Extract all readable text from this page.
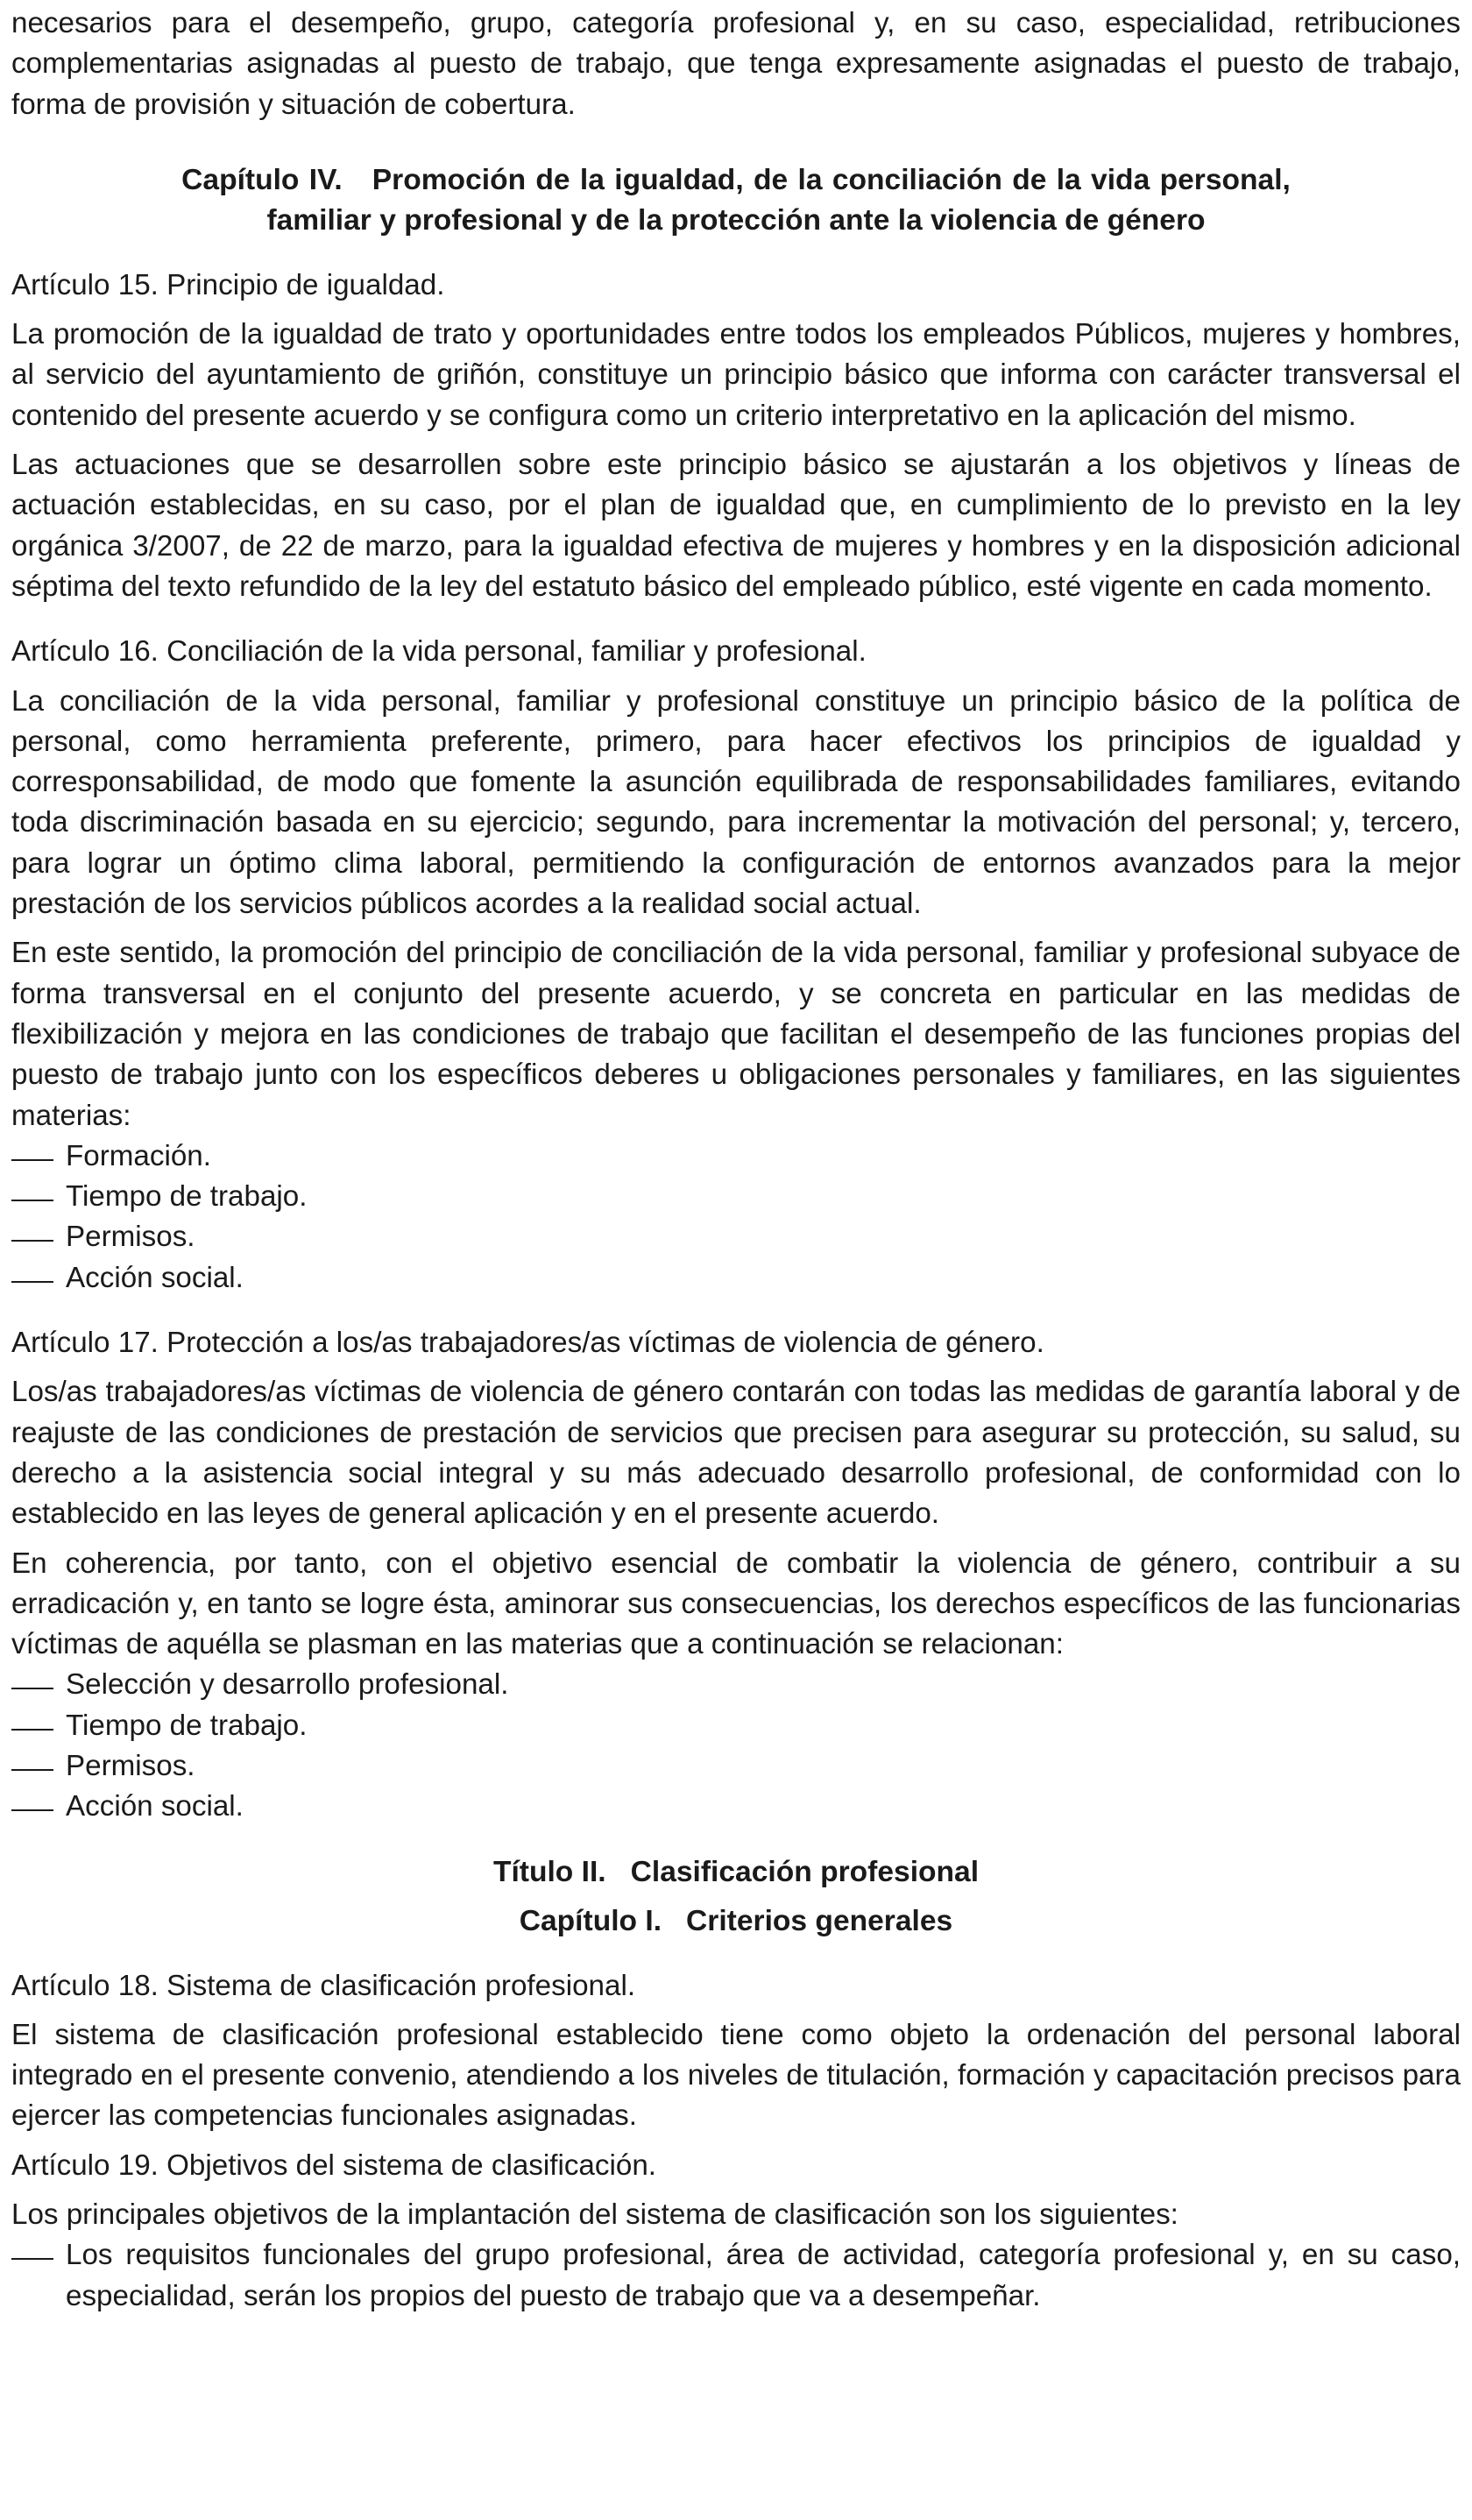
necesarios para el desempeño, grupo, categoría profesional y, en su caso, especialidad, retribuciones complementarias asignadas al puesto de trabajo, que tenga expresamente asignadas el puesto de trabajo, forma de provisión y situación de cobertura.

Capítulo IV.   Promoción de la igualdad, de la conciliación de la vida personal,
familiar y profesional y de la protección ante la violencia de género

Artículo 15. Principio de igualdad.

La promoción de la igualdad de trato y oportunidades entre todos los empleados Públicos, mujeres y hombres, al servicio del ayuntamiento de griñón, constituye un principio básico que informa con carácter transversal el contenido del presente acuerdo y se configura como un criterio interpretativo en la aplicación del mismo.

Las actuaciones que se desarrollen sobre este principio básico se ajustarán a los objetivos y líneas de actuación establecidas, en su caso, por el plan de igualdad que, en cumplimiento de lo previsto en la ley orgánica 3/2007, de 22 de marzo, para la igualdad efectiva de mujeres y hombres y en la disposición adicional séptima del texto refundido de la ley del estatuto básico del empleado público, esté vigente en cada momento.

Artículo 16. Conciliación de la vida personal, familiar y profesional.

La conciliación de la vida personal, familiar y profesional constituye un principio básico de la política de personal, como herramienta preferente, primero, para hacer efectivos los principios de igualdad y corresponsabilidad, de modo que fomente la asunción equilibrada de responsabilidades familiares, evitando toda discriminación basada en su ejercicio; segundo, para incrementar la motivación del personal; y, tercero, para lograr un óptimo clima laboral, permitiendo la configuración de entornos avanzados para la mejor prestación de los servicios públicos acordes a la realidad social actual.

En este sentido, la promoción del principio de conciliación de la vida personal, familiar y profesional subyace de forma transversal en el conjunto del presente acuerdo, y se concreta en particular en las medidas de flexibilización y mejora en las condiciones de trabajo que facilitan el desempeño de las funciones propias del puesto de trabajo junto con los específicos deberes u obligaciones personales y familiares, en las siguientes materias:

Formación.
Tiempo de trabajo.
Permisos.
Acción social.

Artículo 17. Protección a los/as trabajadores/as víctimas de violencia de género.

Los/as trabajadores/as víctimas de violencia de género contarán con todas las medidas de garantía laboral y de reajuste de las condiciones de prestación de servicios que precisen para asegurar su protección, su salud, su derecho a la asistencia social integral y su más adecuado desarrollo profesional, de conformidad con lo establecido en las leyes de general aplicación y en el presente acuerdo.

En coherencia, por tanto, con el objetivo esencial de combatir la violencia de género, contribuir a su erradicación y, en tanto se logre ésta, aminorar sus consecuencias, los derechos específicos de las funcionarias víctimas de aquélla se plasman en las materias que a continuación se relacionan:

Selección y desarrollo profesional.
Tiempo de trabajo.
Permisos.
Acción social.
Título II.   Clasificación profesional
Capítulo I.   Criterios generales

Artículo 18. Sistema de clasificación profesional.

El sistema de clasificación profesional establecido tiene como objeto la ordenación del personal laboral integrado en el presente convenio, atendiendo a los niveles de titulación, formación y capacitación precisos para ejercer las competencias funcionales asignadas.

Artículo 19. Objetivos del sistema de clasificación.

Los principales objetivos de la implantación del sistema de clasificación son los siguientes:

Los requisitos funcionales del grupo profesional, área de actividad, categoría profesional y, en su caso, especialidad, serán los propios del puesto de trabajo que va a desempeñar.
